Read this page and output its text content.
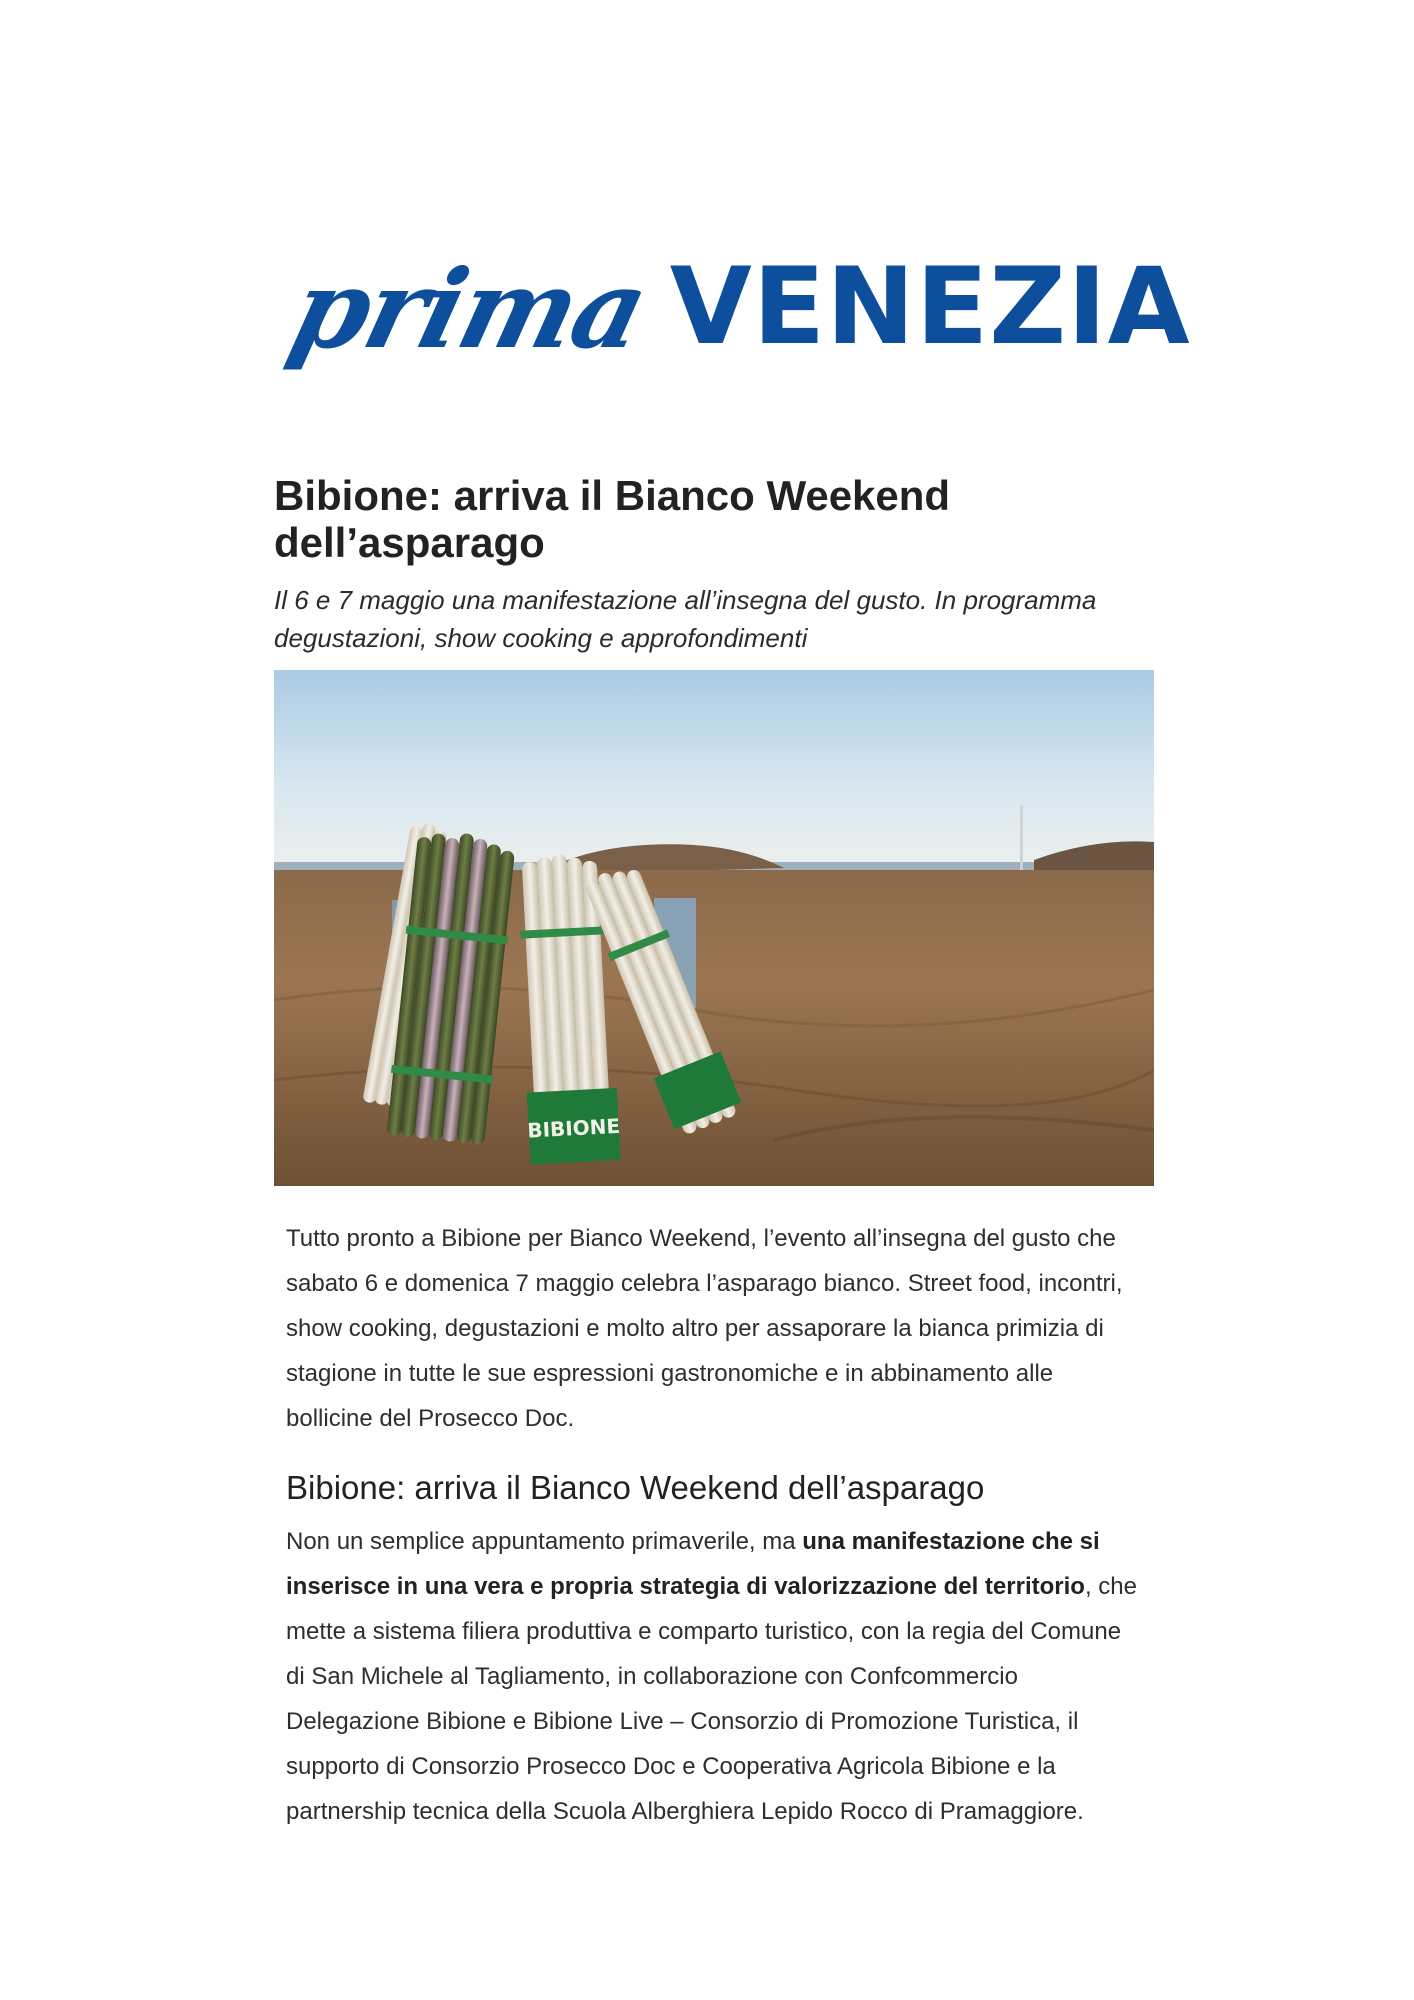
prima VENEZIA
Bibione: arriva il Bianco Weekend dell’asparago

Il 6 e 7 maggio una manifestazione all’insegna del gusto. In programma degustazioni, show cooking e approfondimenti

BIBIONE

Tutto pronto a Bibione per Bianco Weekend, l’evento all’insegna del gusto che sabato 6 e domenica 7 maggio celebra l’asparago bianco. Street food, incontri, show cooking, degustazioni e molto altro per assaporare la bianca primizia di stagione in tutte le sue espressioni gastronomiche e in abbinamento alle bollicine del Prosecco Doc.

Bibione: arriva il Bianco Weekend dell’asparago

Non un semplice appuntamento primaverile, ma una manifestazione che si inserisce in una vera e propria strategia di valorizzazione del territorio, che mette a sistema filiera produttiva e comparto turistico, con la regia del Comune di San Michele al Tagliamento, in collaborazione con Confcommercio Delegazione Bibione e Bibione Live – Consorzio di Promozione Turistica, il supporto di Consorzio Prosecco Doc e Cooperativa Agricola Bibione e la partnership tecnica della Scuola Alberghiera Lepido Rocco di Pramaggiore.
